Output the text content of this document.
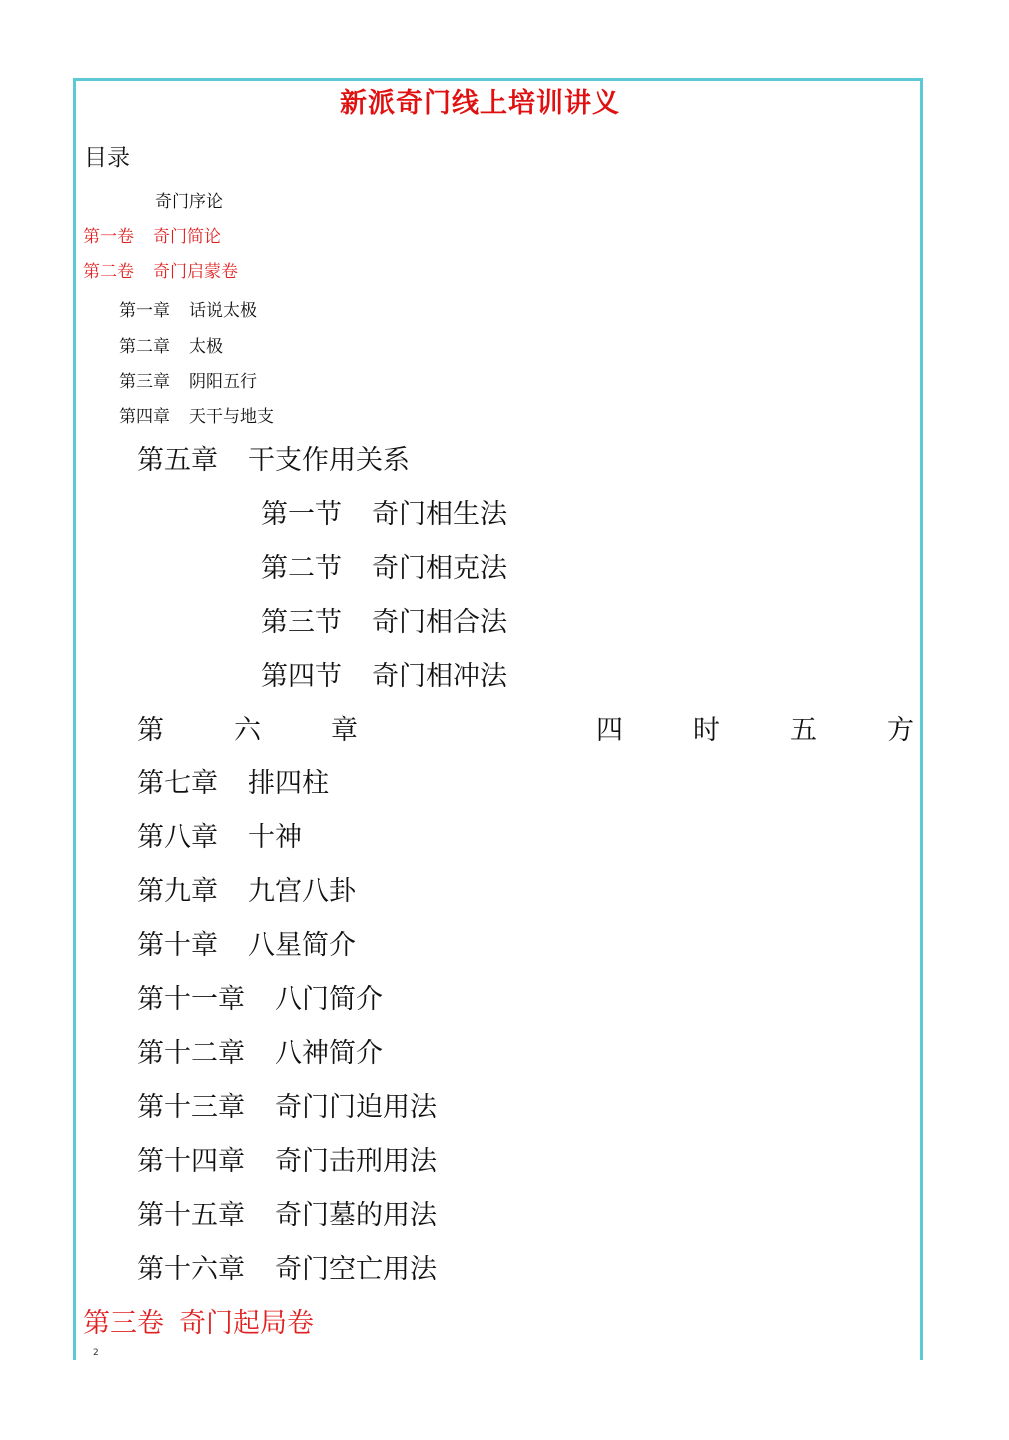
新派奇门线上培训讲义
目录
奇门序论
第一卷 奇门简论
第二卷 奇门启蒙卷
第一章 话说太极
第二章 太极
第三章 阴阳五行
第四章 天干与地支
第五章 干支作用关系
第一节 奇门相生法
第二节 奇门相克法
第三节 奇门相合法
第四节 奇门相冲法
第	六	章	四	时	五	方
第七章 排四柱
第八章 十神
第九章 九宫八卦
第十章 八星简介
第十一章 八门简介
第十二章 八神简介
第十三章 奇门门迫用法
第十四章 奇门击刑用法
第十五章 奇门墓的用法
第十六章 奇门空亡用法
第三卷 奇门起局卷
2
